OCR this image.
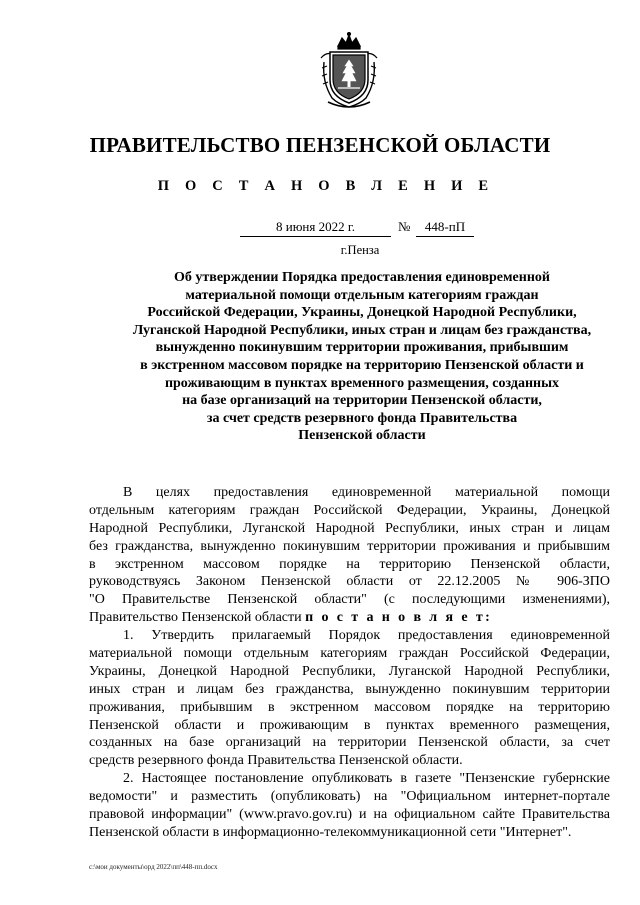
ПРАВИТЕЛЬСТВО ПЕНЗЕНСКОЙ ОБЛАСТИ
П О С Т А Н О В Л Е Н И Е
8 июня 2022 г.	№	448-пП
г.Пенза
Об утверждении Порядка предоставления единовременной
материальной помощи отдельным категориям граждан
Российской Федерации, Украины, Донецкой Народной Республики,
Луганской Народной Республики, иных стран и лицам без гражданства,
вынужденно покинувшим территории проживания, прибывшим
в экстренном массовом порядке на территорию Пензенской области и
проживающим в пунктах временного размещения, созданных
на базе организаций на территории Пензенской области,
за счет средств резервного фонда Правительства
Пензенской области
В целях предоставления единовременной материальной помощи
отдельным категориям граждан Российской Федерации, Украины, Донецкой
Народной Республики, Луганской Народной Республики, иных стран и лицам
без гражданства, вынужденно покинувшим территории проживания и прибывшим
в экстренном массовом порядке на территорию Пензенской области,
руководствуясь Законом Пензенской области от 22.12.2005 № 906-ЗПО
"О Правительстве Пензенской области" (с последующими изменениями),
Правительство Пензенской области п о с т а н о в л я е т:
1. Утвердить прилагаемый Порядок предоставления единовременной
материальной помощи отдельным категориям граждан Российской Федерации,
Украины, Донецкой Народной Республики, Луганской Народной Республики,
иных стран и лицам без гражданства, вынужденно покинувшим территории
проживания, прибывшим в экстренном массовом порядке на территорию
Пензенской области и проживающим в пунктах временного размещения,
созданных на базе организаций на территории Пензенской области, за счет
средств резервного фонда Правительства Пензенской области.
2. Настоящее постановление опубликовать в газете "Пензенские губернские
ведомости" и разместить (опубликовать) на "Официальном интернет-портале
правовой информации" (www.pravo.gov.ru) и на официальном сайте Правительства
Пензенской области в информационно-телекоммуникационной сети "Интернет".
c:\мои документы\орд 2022\пп\448-пп.docx
